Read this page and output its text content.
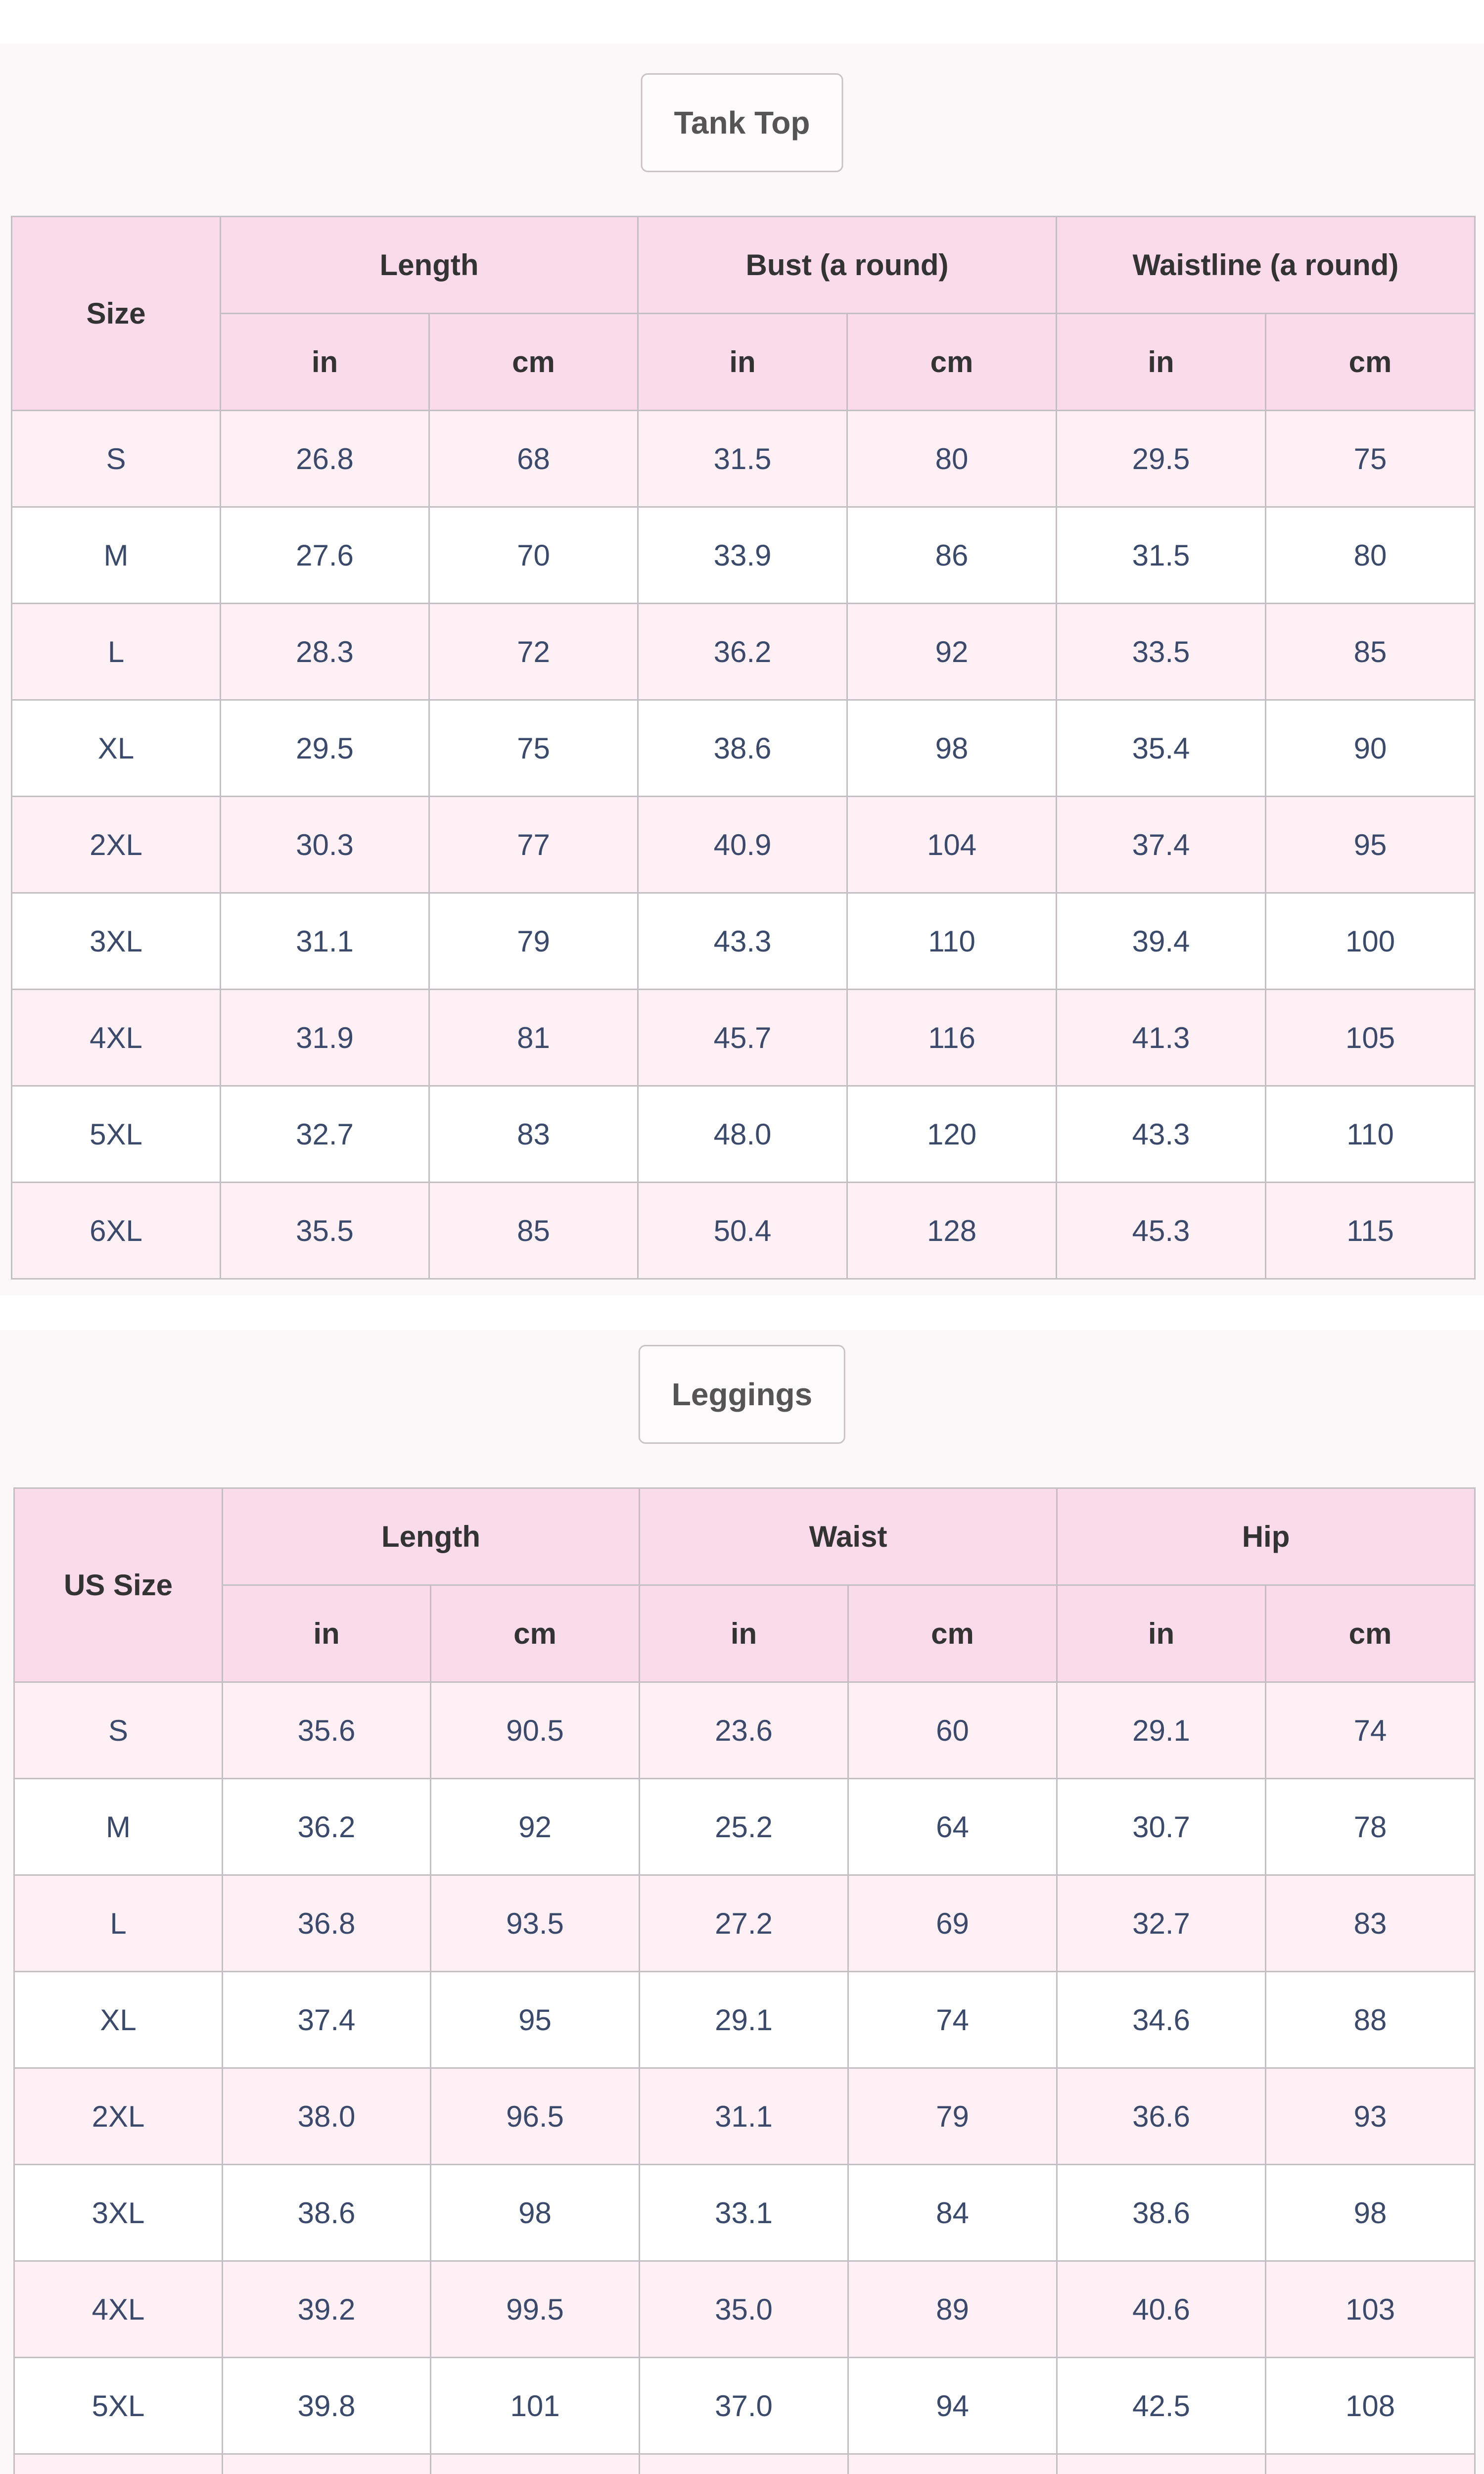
Tank Top
Leggings
Size	Length		Bust (a round)		Waistline (a round)	
	in	cm	in	cm	in	cm
S	26.8	68	31.5	80	29.5	75
M	27.6	70	33.9	86	31.5	80
L	28.3	72	36.2	92	33.5	85
XL	29.5	75	38.6	98	35.4	90
2XL	30.3	77	40.9	104	37.4	95
3XL	31.1	79	43.3	110	39.4	100
4XL	31.9	81	45.7	116	41.3	105
5XL	32.7	83	48.0	120	43.3	110
6XL	35.5	85	50.4	128	45.3	115
US Size	Length		Waist		Hip	
	in	cm	in	cm	in	cm
S	35.6	90.5	23.6	60	29.1	74
M	36.2	92	25.2	64	30.7	78
L	36.8	93.5	27.2	69	32.7	83
XL	37.4	95	29.1	74	34.6	88
2XL	38.0	96.5	31.1	79	36.6	93
3XL	38.6	98	33.1	84	38.6	98
4XL	39.2	99.5	35.0	89	40.6	103
5XL	39.8	101	37.0	94	42.5	108
